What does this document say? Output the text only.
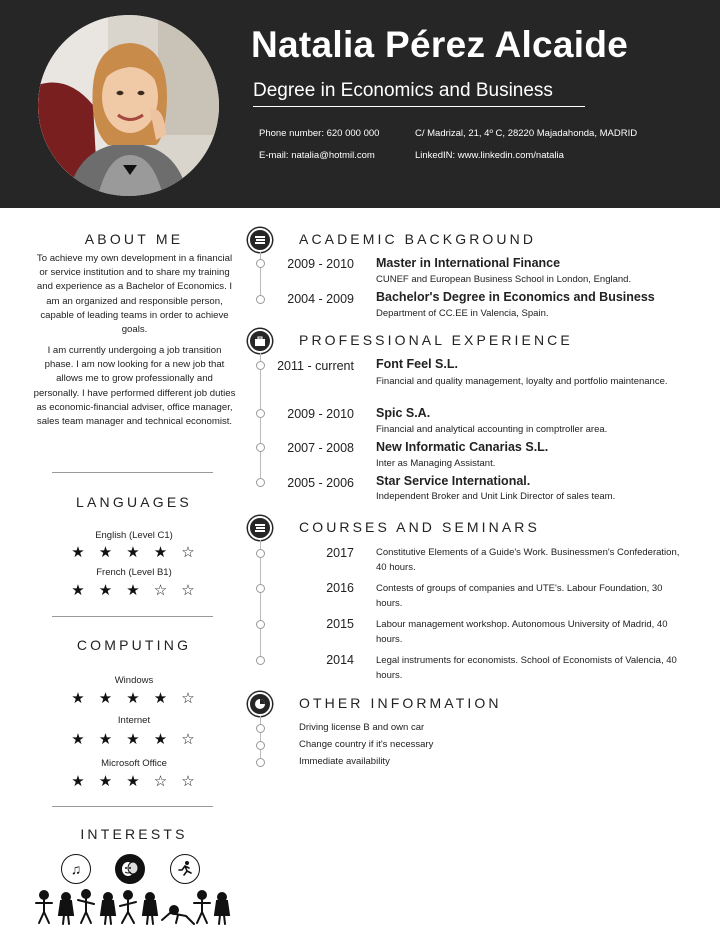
Natalia Pérez Alcaide
Degree in Economics and Business
Phone number: 620 000 000	C/ Madrizal, 21, 4º C, 28220 Majadahonda, MADRID
E-mail: natalia@hotmil.com	LinkedIN: www.linkedin.com/natalia
ABOUT ME
To achieve my own development in a financial or service institution and to share my training and experience as a Bachelor of Economics. I am an organized and responsible person, capable of leading teams in order to achieve goals.
I am currently undergoing a job transition phase. I am now looking for a new job that allows me to grow professionally and personally. I have performed different job duties as economic-financial adviser, office manager, sales team manager and technical economist.
LANGUAGES
English (Level C1)
★ ★ ★ ★ ☆
French (Level B1)
★ ★ ★ ☆ ☆
COMPUTING
Windows
★ ★ ★ ★ ☆
Internet
★ ★ ★ ★ ☆
Microsoft Office
★ ★ ★ ☆ ☆
INTERESTS
♫
ACADEMIC BACKGROUND
2009 - 2010 Master in International Finance
CUNEF and European Business School in London, England.
2004 - 2009 Bachelor's Degree in Economics and Business
Department of CC.EE in Valencia, Spain.
PROFESSIONAL EXPERIENCE
2011 - current Font Feel S.L.
Financial and quality management, loyalty and portfolio maintenance.
2009 - 2010 Spic S.A.
Financial and analytical accounting in comptroller area.
2007 - 2008 New Informatic Canarias S.L.
Inter as Managing Assistant.
2005 - 2006 Star Service International.
Independent Broker and Unit Link Director of sales team.
COURSES AND SEMINARS
2017 Constitutive Elements of a Guide's Work. Businessmen's Confederation, 40 hours.
2016 Contests of groups of companies and UTE's. Labour Foundation, 30 hours.
2015 Labour management workshop. Autonomous University of Madrid, 40 hours.
2014 Legal instruments for economists. School of Economists of Valencia, 40 hours.
OTHER INFORMATION
Driving license B and own car
Change country if it's necessary
Immediate availability
